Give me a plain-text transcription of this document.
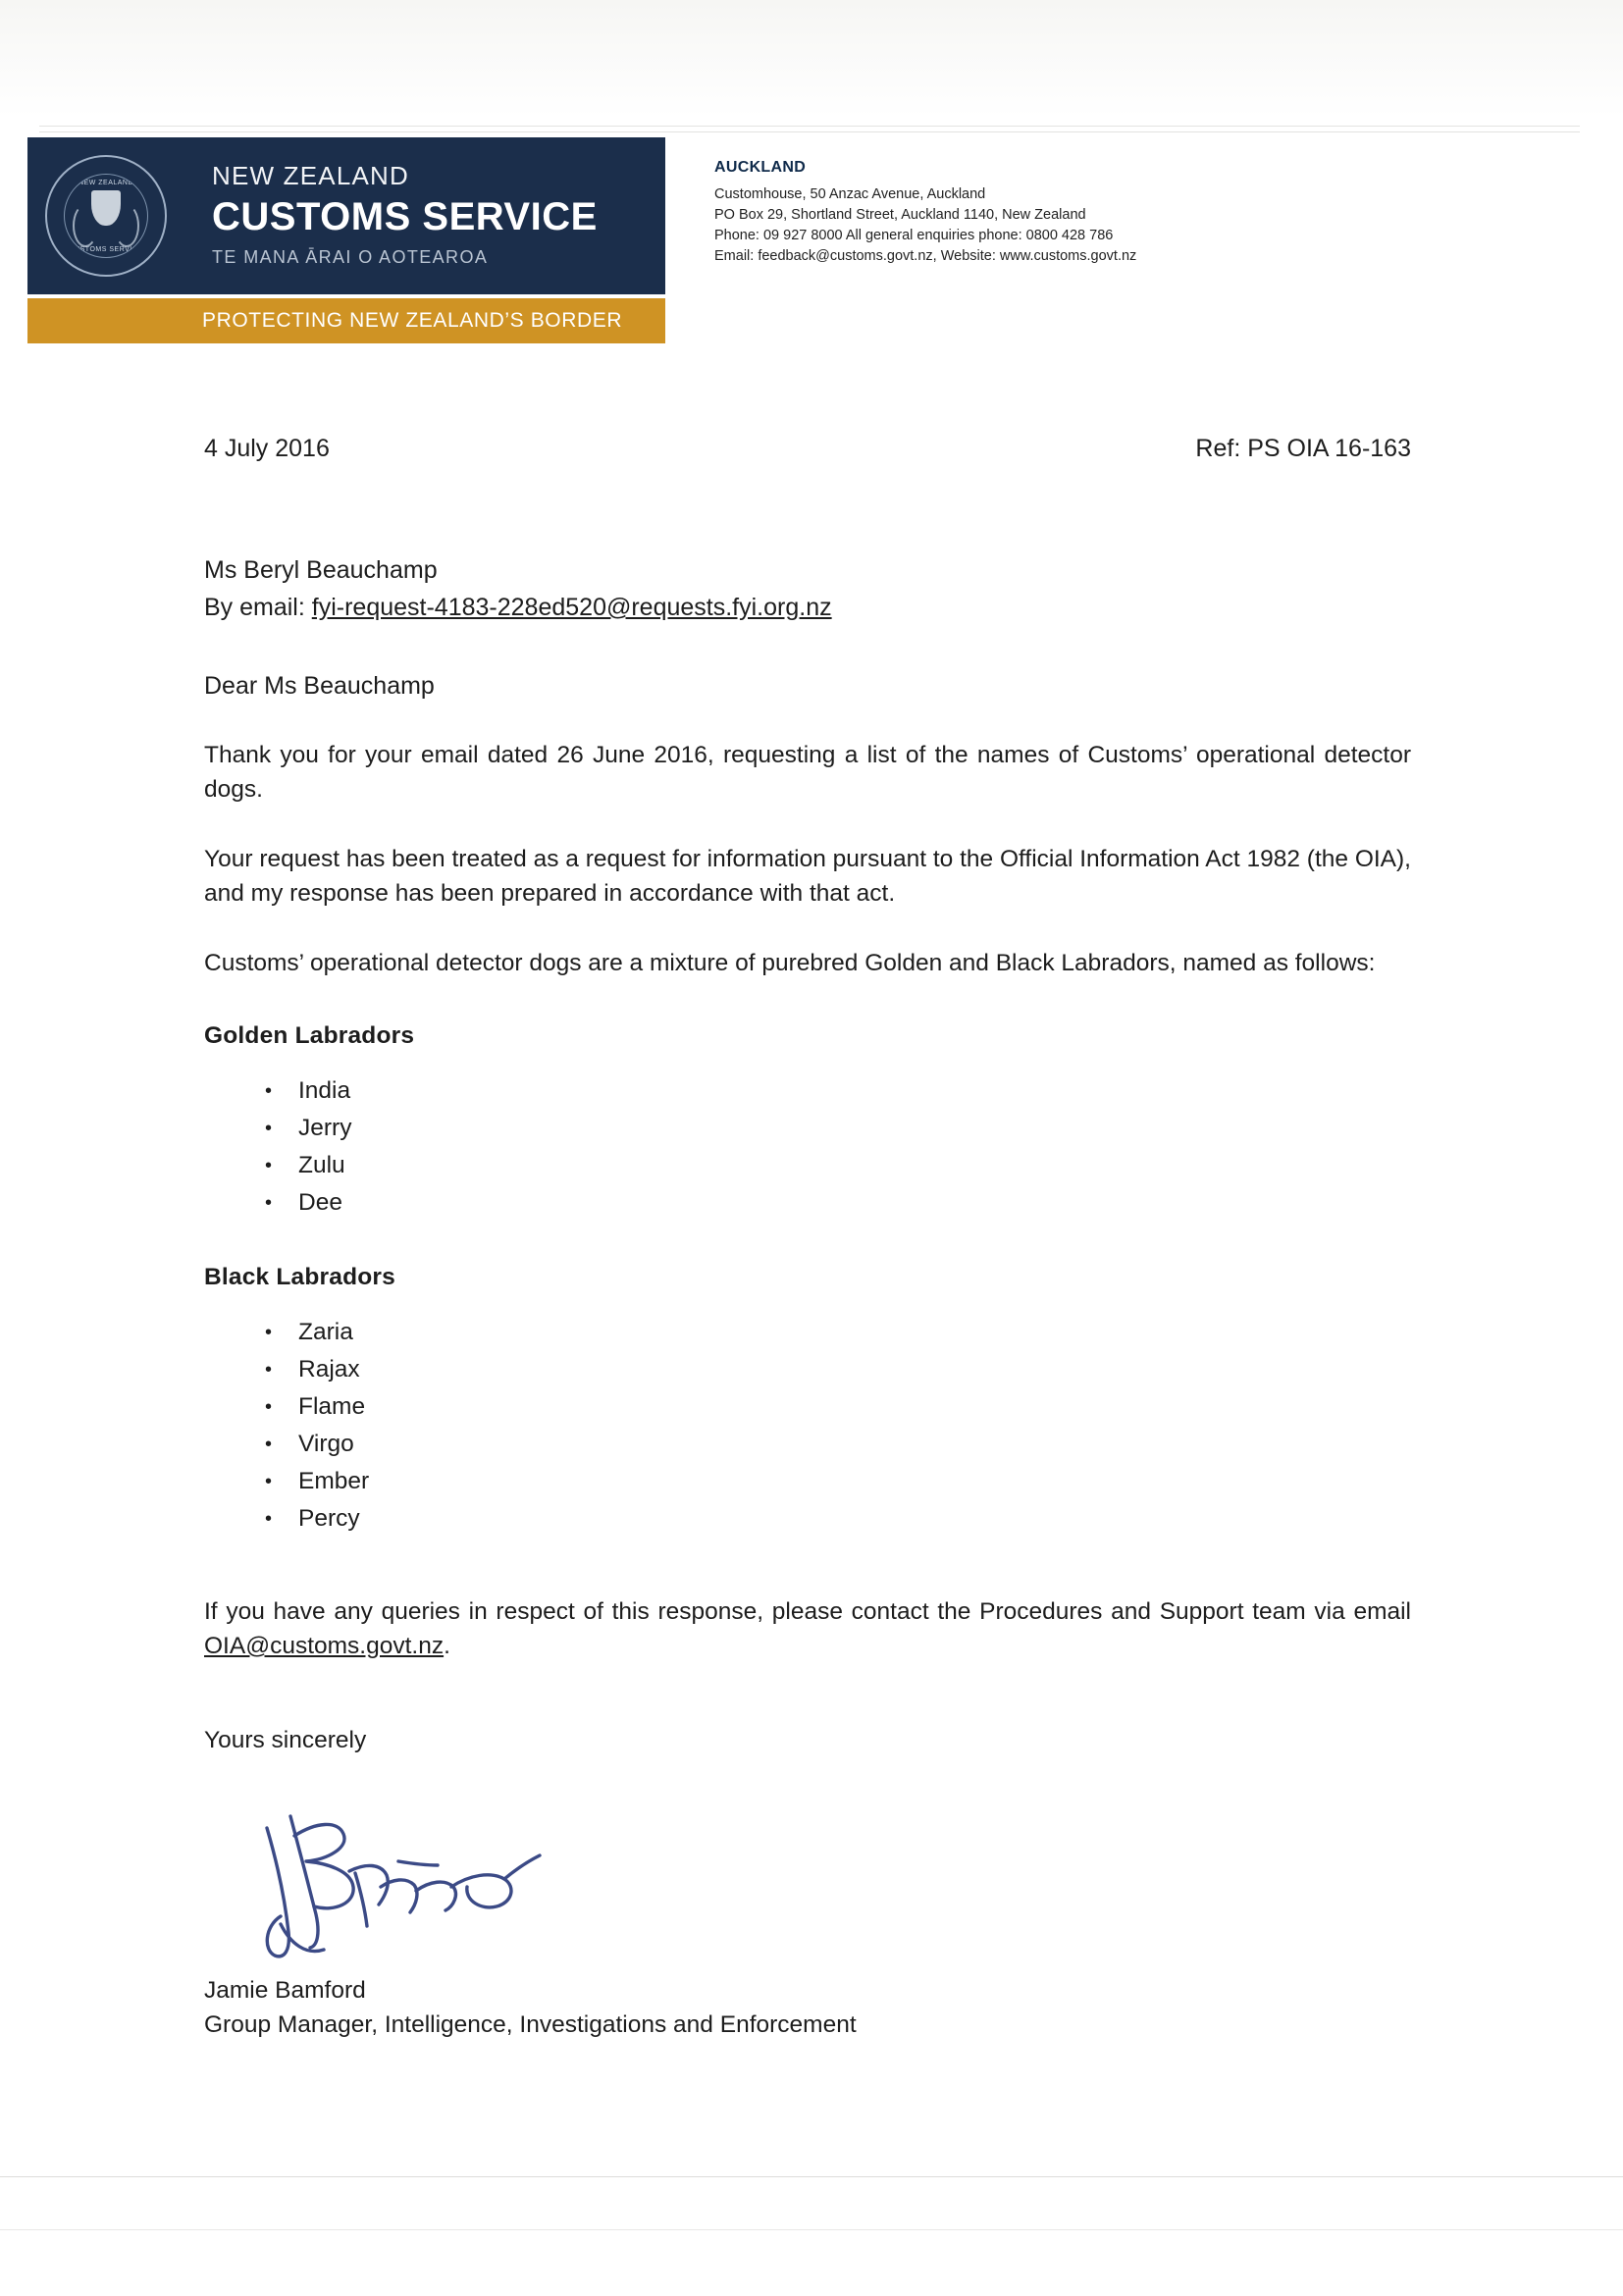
NEW ZEALAND
CUSTOMS SERVICE
NEW ZEALAND
CUSTOMS SERVICE
TE MANA ĀRAI O AOTEAROA
PROTECTING NEW ZEALAND’S BORDER
AUCKLAND
Customhouse, 50 Anzac Avenue, Auckland
PO Box 29, Shortland Street, Auckland 1140, New Zealand
Phone: 09 927 8000 All general enquiries phone: 0800 428 786
Email: feedback@customs.govt.nz, Website: www.customs.govt.nz
4 July 2016	Ref: PS OIA 16-163
Ms Beryl Beauchamp
By email: fyi-request-4183-228ed520@requests.fyi.org.nz
Dear Ms Beauchamp

Thank you for your email dated 26 June 2016, requesting a list of the names of Customs’ operational detector dogs.

Your request has been treated as a request for information pursuant to the Official Information Act 1982 (the OIA), and my response has been prepared in accordance with that act.

Customs’ operational detector dogs are a mixture of purebred Golden and Black Labradors, named as follows:

Golden Labradors
• India
• Jerry
• Zulu
• Dee
Black Labradors
• Zaria
• Rajax
• Flame
• Virgo
• Ember
• Percy

If you have any queries in respect of this response, please contact the Procedures and Support team via email OIA@customs.govt.nz.

Yours sincerely
Jamie Bamford
Group Manager, Intelligence, Investigations and Enforcement
